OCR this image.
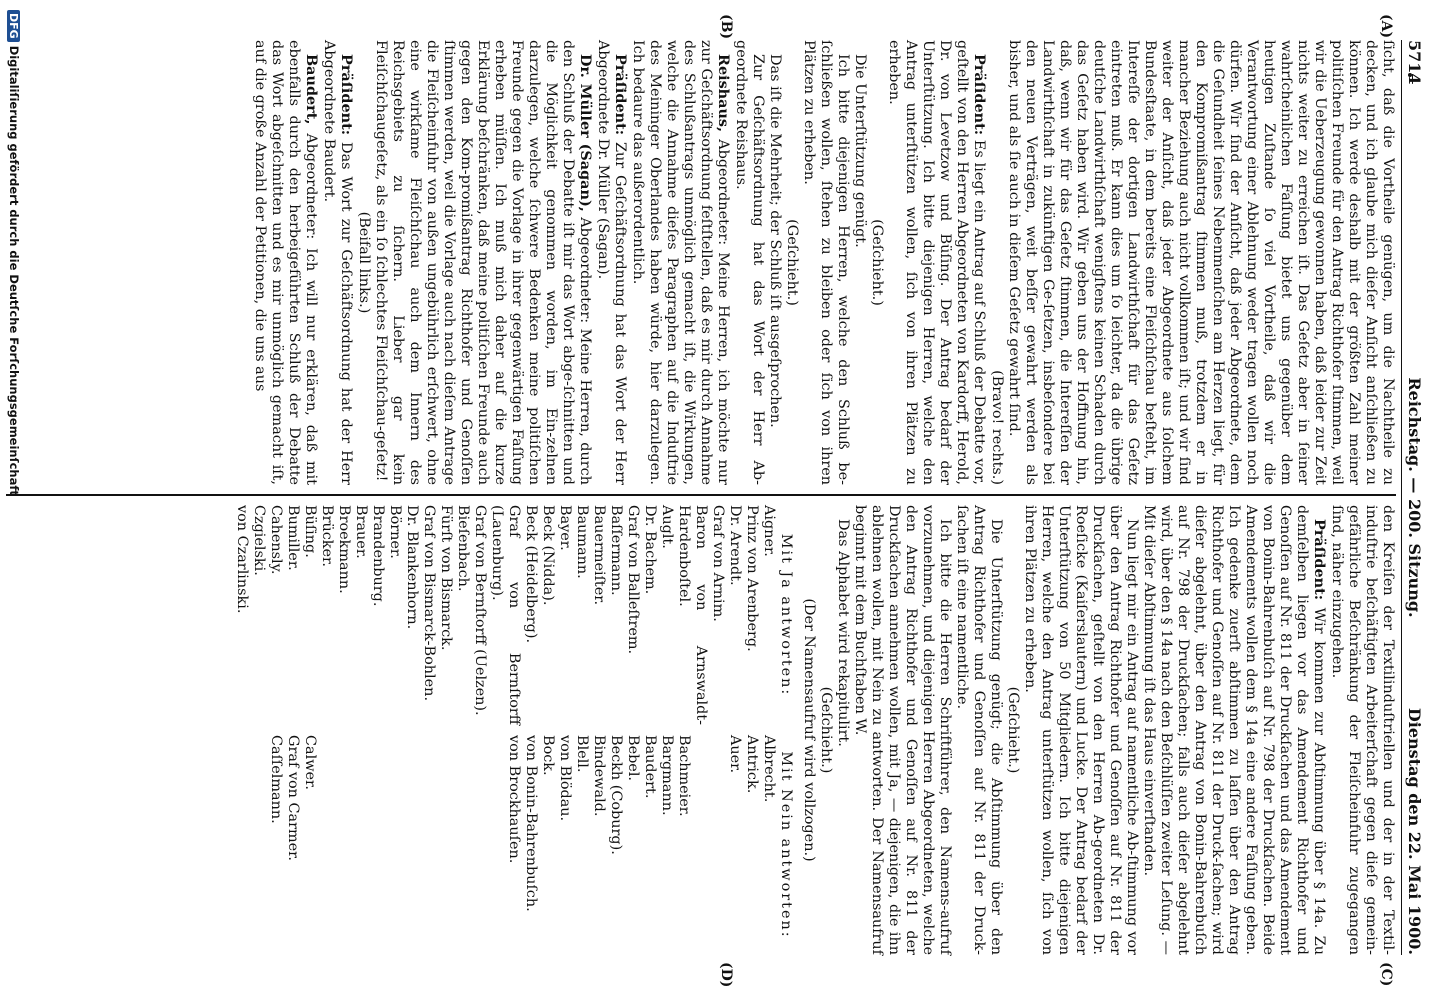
5714
Reichstag. — 200. Sitzung.
Dienstag den 22. Mai 1900.
(A)
(B)
(C)
(D)

ſicht, daß die Vortheile genügen, um die Nachtheile zu decken, und ich glaube mich dieſer Anſicht anſchließen zu können. Ich werde deshalb mit der größten Zahl meiner politiſchen Freunde für den Antrag Richthofer ſtimmen, weil wir die Ueberzeugung gewonnen haben, daß leider zur Zeit nichts weiter zu erreichen iſt. Das Geſetz aber in ſeiner wahrſcheinlichen Faſſung bietet uns gegenüber dem heutigen Zuſtande ſo viel Vortheile, daß wir die Verantwortung einer Ablehnung weder tragen wollen noch dürfen. Wir ſind der Anſicht, daß jeder Abgeordnete, dem die Geſundheit ſeines Nebenmenſchen am Herzen liegt, für den Kompromißantrag ſtimmen muß, trotzdem er in mancher Beziehung auch nicht vollkommen iſt; und wir ſind weiter der Anſicht, daß jeder Abgeordnete aus ſolchem Bundesſtaate, in dem bereits eine Fleiſchſchau beſteht, im Intereſſe der dortigen Landwirthſchaft für das Geſetz eintreten muß. Er kann dies um ſo leichter, da die übrige deutſche Landwirthſchaft wenigſtens keinen Schaden durch das Geſetz haben wird. Wir geben uns der Hoffnung hin, daß, wenn wir für das Geſetz ſtimmen, die Intereſſen der Landwirthſchaft in zukünftigen Ge-ſetzen, insbeſondere bei den neuen Verträgen, weit beſſer gewahrt werden als bisher, und als ſie auch in dieſem Geſetz gewahrt ſind.

(Bravo! rechts.)

Präſident: Es liegt ein Antrag auf Schluß der Debatte vor, geſtellt von den Herren Abgeordneten von Kardorff, Herold, Dr. von Levetzow und Büſing. Der Antrag bedarf der Unterſtützung. Ich bitte diejenigen Herren, welche den Antrag unterſtützen wollen, ſich von ihren Plätzen zu erheben.

(Geſchieht.)

Die Unterſtützung genügt.

Ich bitte diejenigen Herren, welche den Schluß be-ſchließen wollen, ſtehen zu bleiben oder ſich von ihren Plätzen zu erheben.

(Geſchieht.)

Das iſt die Mehrheit; der Schluß iſt ausgeſprochen.

Zur Geſchäftsordnung hat das Wort der Herr Ab-geordnete Reishaus.

Reishaus, Abgeordneter: Meine Herren, ich möchte nur zur Geſchäftsordnung feſtſtellen, daß es mir durch Annahme des Schlußantrags unmöglich gemacht iſt, die Wirkungen, welche die Annahme dieſes Paragraphen auf die Induſtrie des Meininger Oberlandes haben würde, hier darzulegen. Ich bedaure das außerordentlich.

Präſident: Zur Geſchäftsordnung hat das Wort der Herr Abgeordnete Dr. Müller (Sagan).

Dr. Müller (Sagan), Abgeordneter: Meine Herren, durch den Schluß der Debatte iſt mir das Wort abge-ſchnitten und die Möglichkeit genommen worden, im Ein-zelnen darzulegen, welche ſchwere Bedenken meine politiſchen Freunde gegen die Vorlage in ihrer gegenwärtigen Faſſung erheben müſſen. Ich muß mich daher auf die kurze Erklärung beſchränken, daß meine politiſchen Freunde auch gegen den Kom-promißantrag Richthofer und Genoſſen ſtimmen werden, weil die Vorlage auch nach dieſem Antrage die Fleiſcheinfuhr von außen ungebührlich erſchwert, ohne eine wirkſame Fleiſchſchau auch dem Innern des Reichsgebiets zu ſichern. Lieber gar kein Fleiſchſchaugeſetz, als ein ſo ſchlechtes Fleiſchſchau-geſetz!

(Beifall links.)

Präſident: Das Wort zur Geſchäftsordnung hat der Herr Abgeordnete Baudert.

Baudert, Abgeordneter: Ich will nur erklären, daß mit ebenfalls durch den herbeigeführten Schluß der Debatte das Wort abgeſchnitten und es mir unmöglich gemacht iſt, auf die große Anzahl der Petitionen, die uns aus

den Kreiſen der Textilinduſtriellen und der in der Textil-induſtrie beſchäftigten Arbeiterſchaft gegen dieſe gemein-gefährliche Beſchränkung der Fleiſcheinfuhr zugegangen ſind, näher einzugehen.

Präſident: Wir kommen zur Abſtimmung über § 14a. Zu demſelben liegen vor das Amendement Richthofer und Genoſſen auf Nr. 811 der Druckſachen und das Amendement von Bonin-Bahrenbuſch auf Nr. 798 der Druckſachen. Beide Amendements wollen dem § 14a eine andere Faſſung geben. Ich gedenke zuerſt abſtimmen zu laſſen über den Antrag Richthofer und Genoſſen auf Nr. 811 der Druck-ſachen; wird dieſer abgelehnt, über den Antrag von Bonin-Bahrenbuſch auf Nr. 798 der Druckſachen; falls auch dieſer abgelehnt wird, über den § 14a nach den Beſchlüſſen zweiter Leſung. — Mit dieſer Abſtimmung iſt das Haus einverſtanden.

Nun liegt mir ein Antrag auf namentliche Ab-ſtimmung vor über den Antrag Richthofer und Genoſſen auf Nr. 811 der Druckſachen, geſtellt von den Herren Ab-geordneten Dr. Roeſicke (Kaiſerslautern) und Lucke. Der Antrag bedarf der Unterſtützung von 50 Mitgliedern. Ich bitte diejenigen Herren, welche den Antrag unterſtützen wollen, ſich von ihren Plätzen zu erheben.

(Geſchieht.)

Die Unterſtützung genügt; die Abſtimmung über den Antrag Richthofer und Genoſſen auf Nr. 811 der Druck-ſachen iſt eine namentliche.

Ich bitte die Herren Schriftführer, den Namens-aufruf vorzunehmen, und diejenigen Herren Abgeordneten, welche den Antrag Richthofer und Genoſſen auf Nr. 811 der Druckſachen annehmen wollen, mit Ja, — diejenigen, die ihn ablehnen wollen, mit Nein zu antworten. Der Namensaufruf beginnt mit dem Buchſtaben W.

Das Alphabet wird rekapitulirt.

(Geſchieht.)

(Der Namensaufruf wird vollzogen.)

Mit Ja antworten:
Aigner.
Prinz von Arenberg.
Dr. Arendt.
Graf von Arnim.
Baron von Arnswaldt-Hardenboſtel.
Auglt.
Dr. Bachem.
Graf von Balleſtrem.
Baſſermann.
Bauermeiſter.
Baumann.
Bayer.
Beck (Nidda).
Beck (Heidelberg).
Graf von Bernſtorff (Lauenburg).
Graf von Bernſtorff (Uelzen).
Bieſenbach.
Fürſt von Bismarck.
Graf von Bismarck-Bohlen.
Dr. Blankenhorn.
Börner.
Brandenburg.
Brauer.
Broekmann.
Brücker.
Büſing.
Bumiller.
Cahensly.
Czgielski.
von Czarlinski.
Mit Nein antworten:
Albrecht.
Antrick.
Auer.

Bachmeier.
Bargmann.
Baudert.
Bebel.
Beckh (Coburg).
Bindewald.
Blell.
von Blödau.
Bock.
von Bonin-Bahrenbuſch.
von Brockhauſen.

Calwer.
Graf von Carmer.
Caſſelmann.
DFGDigitaliſierung gefördert durch die Deutſche Forſchungsgemeinſchaft
